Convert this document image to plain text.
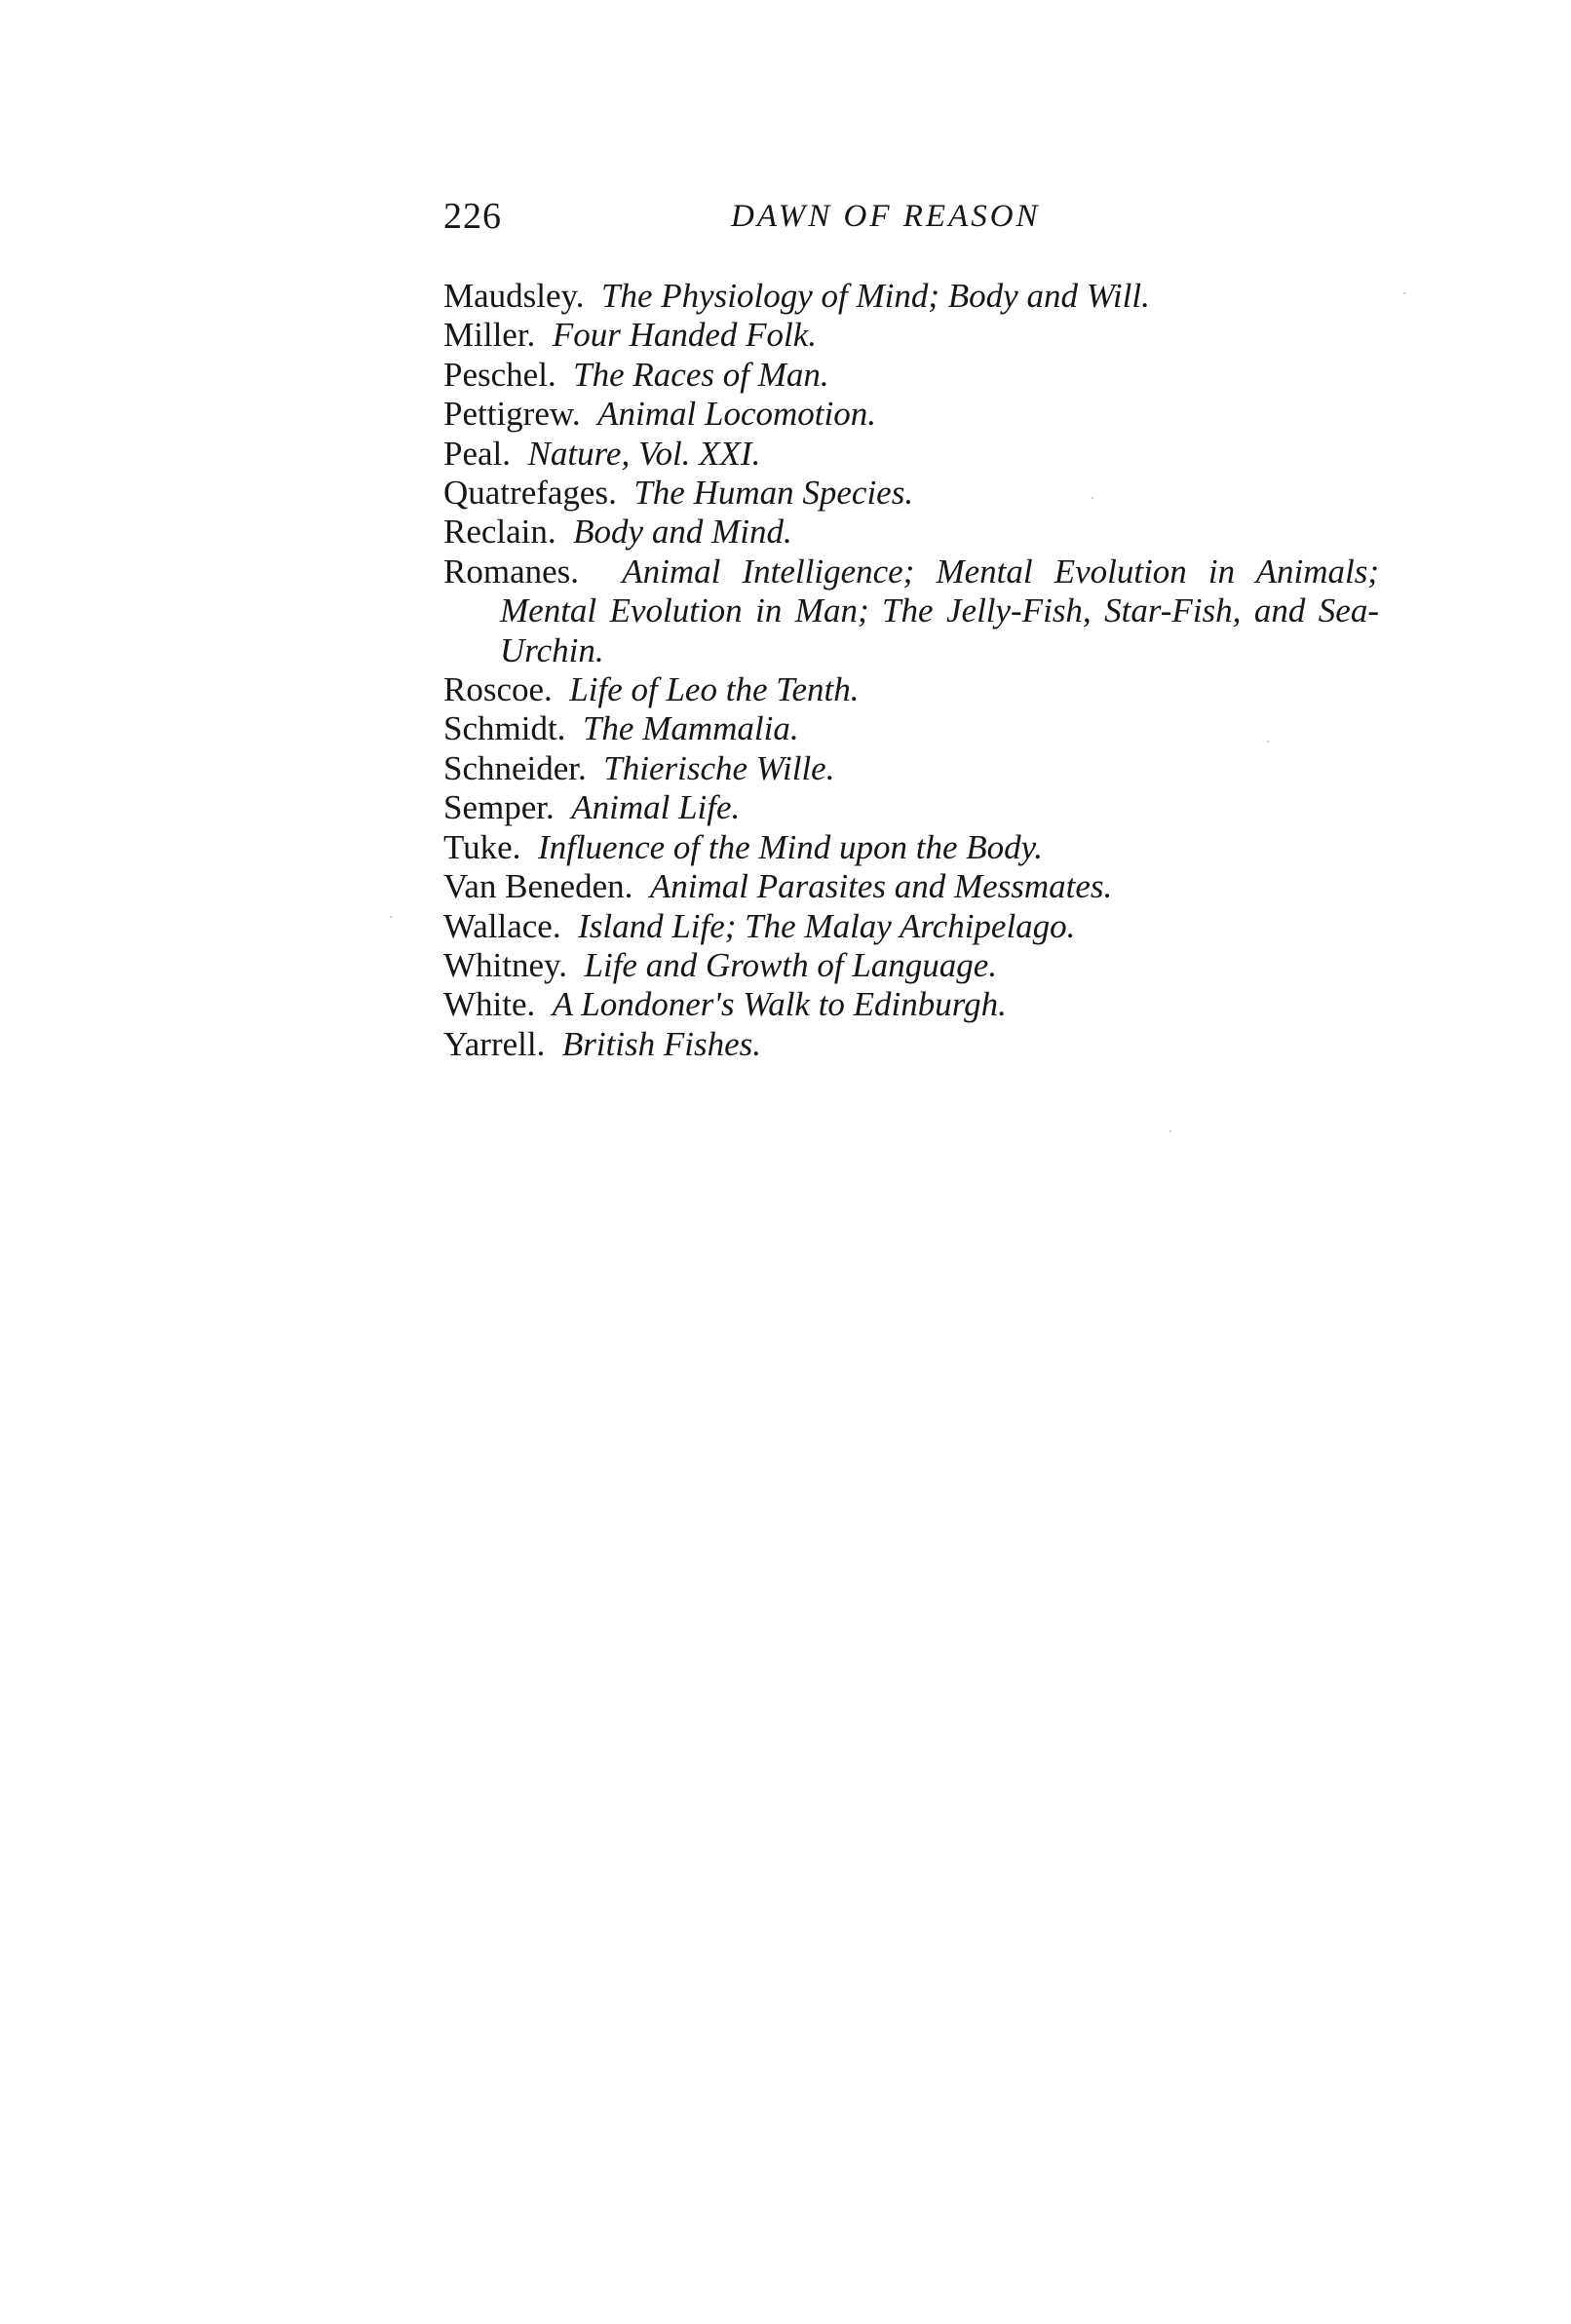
226	DAWN OF REASON
Maudsley. The Physiology of Mind; Body and Will.
Miller. Four Handed Folk.
Peschel. The Races of Man.
Pettigrew. Animal Locomotion.
Peal. Nature, Vol. XXI.
Quatrefages. The Human Species.
Reclain. Body and Mind.
Romanes. Animal Intelligence; Mental Evolution in Animals; Mental Evolution in Man; The Jelly-Fish, Star-Fish, and Sea-Urchin.
Roscoe. Life of Leo the Tenth.
Schmidt. The Mammalia.
Schneider. Thierische Wille.
Semper. Animal Life.
Tuke. Influence of the Mind upon the Body.
Van Beneden. Animal Parasites and Messmates.
Wallace. Island Life; The Malay Archipelago.
Whitney. Life and Growth of Language.
White. A Londoner's Walk to Edinburgh.
Yarrell. British Fishes.
